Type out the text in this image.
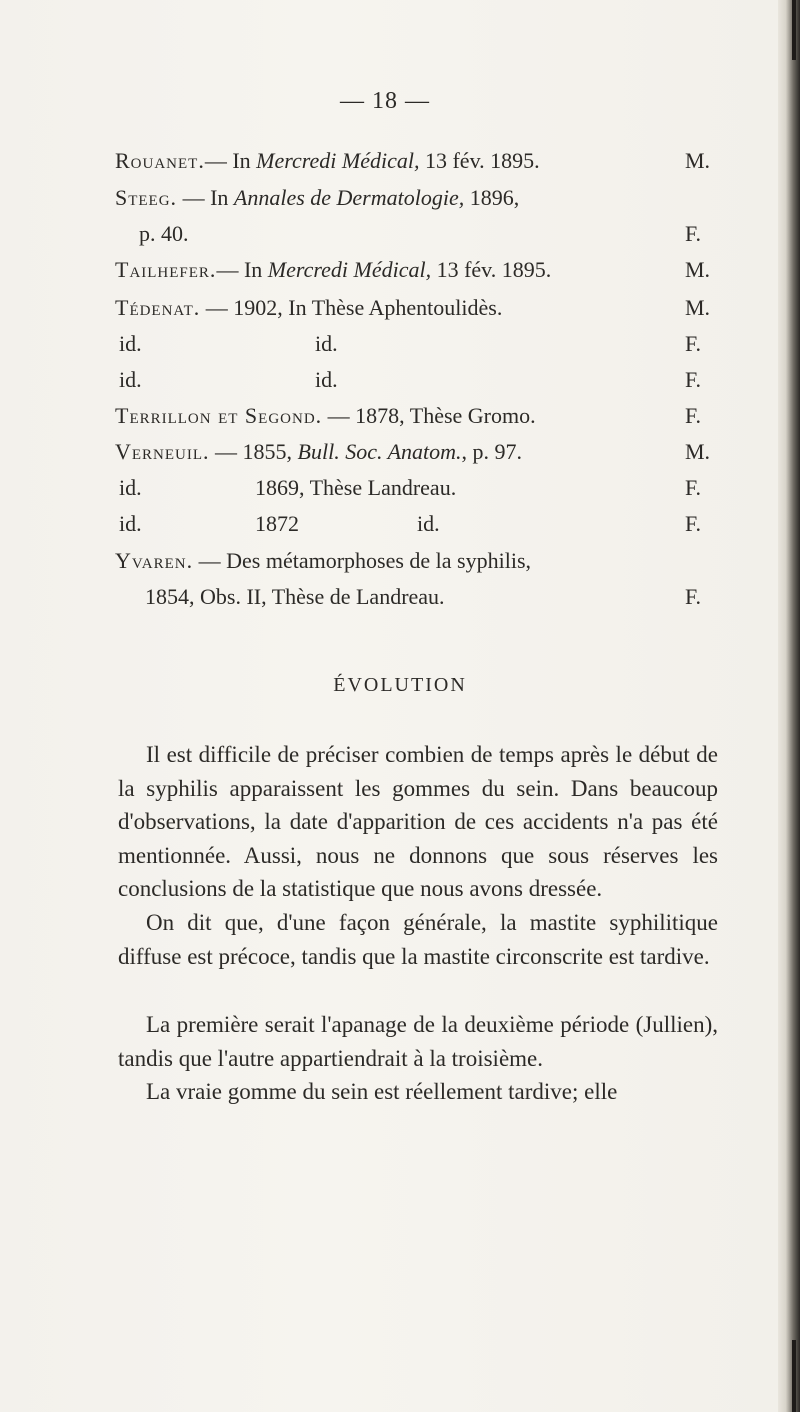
— 18 —
Rouanet.— In Mercredi Médical, 13 fév. 1895.	M.
Steeg. — In Annales de Dermatologie, 1896,
p. 40.	F.
Tailhefer.— In Mercredi Médical, 13 fév. 1895.	M.
Tédenat. — 1902, In Thèse Aphentoulidès.	M.
id.	id.	F.
id.	id.	F.
Terrillon et Segond. — 1878, Thèse Gromo.	F.
Verneuil. — 1855, Bull. Soc. Anatom., p. 97.	M.
id.	1869, Thèse Landreau.	F.
id.	1872	id.	F.
Yvaren. — Des métamorphoses de la syphilis,
1854, Obs. II, Thèse de Landreau.	F.
ÉVOLUTION
Il est difficile de préciser combien de temps après le début de la syphilis apparaissent les gommes du sein. Dans beaucoup d'observations, la date d'apparition de ces accidents n'a pas été mentionnée. Aussi, nous ne donnons que sous réserves les conclusions de la statistique que nous avons dressée.
On dit que, d'une façon générale, la mastite syphilitique diffuse est précoce, tandis que la mastite circonscrite est tardive.
La première serait l'apanage de la deuxième période (Jullien), tandis que l'autre appartiendrait à la troisième.
La vraie gomme du sein est réellement tardive; elle
